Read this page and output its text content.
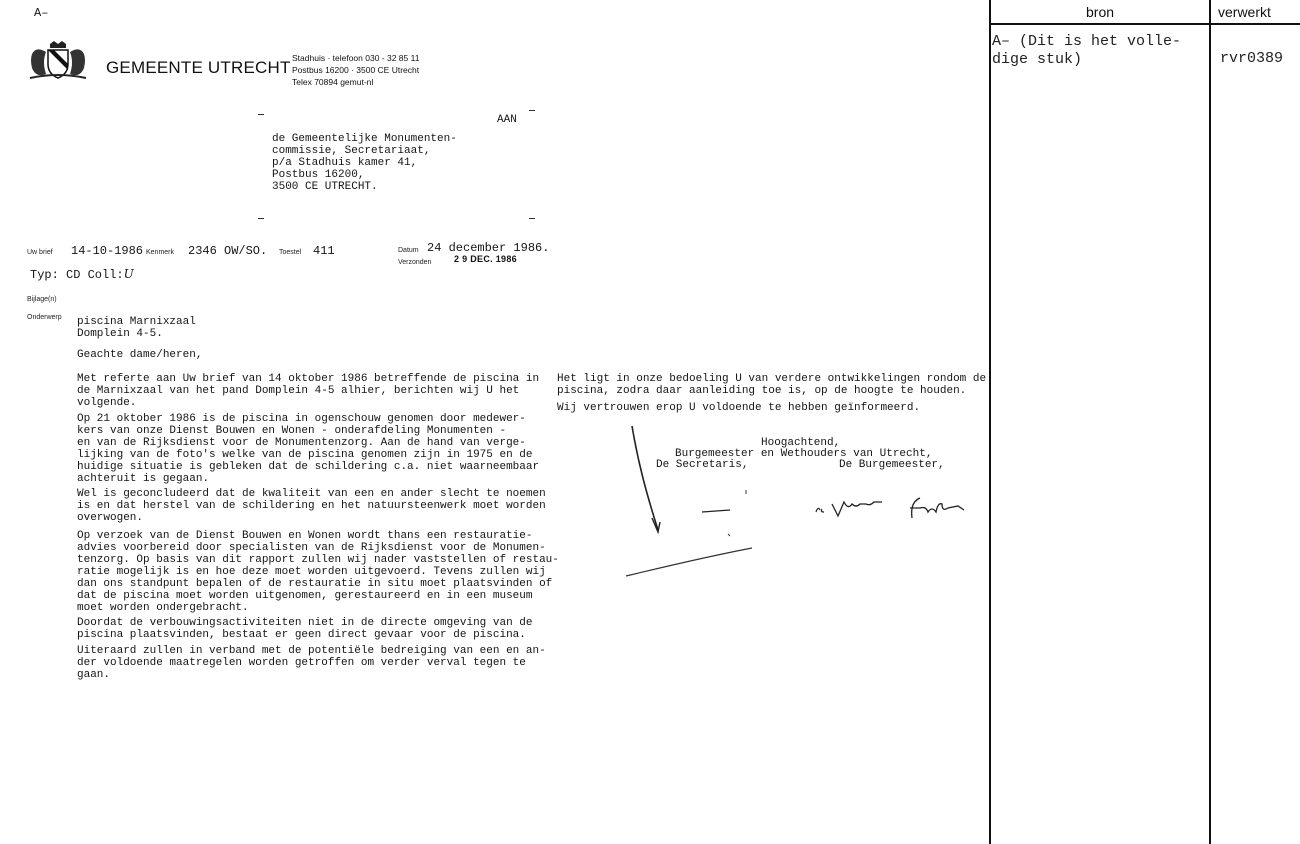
A–
GEMEENTE UTRECHT Stadhuis · telefoon 030 - 32 85 11
Postbus 16200 · 3500 CE Utrecht
Telex 70894 gemut-nl
AAN
de Gemeentelijke Monumenten-
commissie, Secretariaat,
p/a Stadhuis kamer 41,
Postbus 16200,
3500 CE UTRECHT.
Uw brief 14-10-1986 Kenmerk 2346 OW/SO. Toestel 411	Datum 24 december 1986.
Verzonden	2 9 DEC. 1986
Typ: CD Coll:U
Bijlage(n)
Onderwerp piscina Marnixzaal
Domplein 4-5.
Geachte dame/heren,
Met referte aan Uw brief van 14 oktober 1986 betreffende de piscina in
de Marnixzaal van het pand Domplein 4-5 alhier, berichten wij U het
volgende.
Op 21 oktober 1986 is de piscina in ogenschouw genomen door medewer-
kers van onze Dienst Bouwen en Wonen - onderafdeling Monumenten -
en van de Rijksdienst voor de Monumentenzorg. Aan de hand van verge-
lijking van de foto's welke van de piscina genomen zijn in 1975 en de
huidige situatie is gebleken dat de schildering c.a. niet waarneembaar
achteruit is gegaan.
Wel is geconcludeerd dat de kwaliteit van een en ander slecht te noemen
is en dat herstel van de schildering en het natuursteenwerk moet worden
overwogen.
Op verzoek van de Dienst Bouwen en Wonen wordt thans een restauratie-
advies voorbereid door specialisten van de Rijksdienst voor de Monumen-
tenzorg. Op basis van dit rapport zullen wij nader vaststellen of restau-
ratie mogelijk is en hoe deze moet worden uitgevoerd. Tevens zullen wij
dan ons standpunt bepalen of de restauratie in situ moet plaatsvinden of
dat de piscina moet worden uitgenomen, gerestaureerd en in een museum
moet worden ondergebracht.
Doordat de verbouwingsactiviteiten niet in de directe omgeving van de
piscina plaatsvinden, bestaat er geen direct gevaar voor de piscina.
Uiteraard zullen in verband met de potentiële bedreiging van een en an-
der voldoende maatregelen worden getroffen om verder verval tegen te
gaan.
Het ligt in onze bedoeling U van verdere ontwikkelingen rondom de
piscina, zodra daar aanleiding toe is, op de hoogte te houden.
Wij vertrouwen erop U voldoende te hebben geïnformeerd.
Hoogachtend,
Burgemeester en Wethouders van Utrecht,
De Secretaris,	De Burgemeester,
bron	verwerkt
A– (Dit is het volle-
dige stuk)	rvr0389
